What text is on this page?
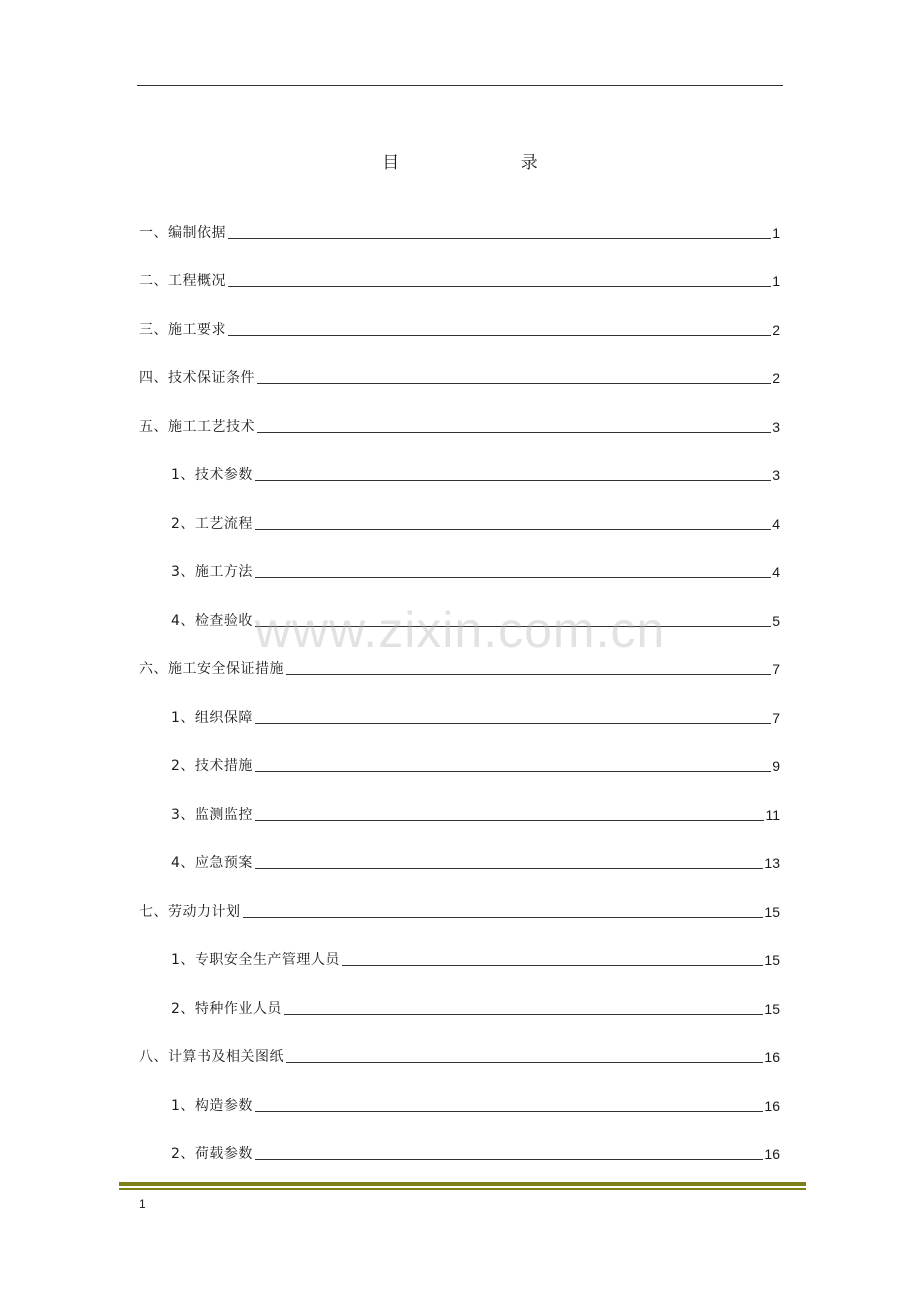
目 录
一、编制依据	1
二、工程概况	1
三、施工要求	2
四、技术保证条件	2
五、施工工艺技术	3
1、技术参数	3
2、工艺流程	4
3、施工方法	4
4、检查验收	5
六、施工安全保证措施	7
1、组织保障	7
2、技术措施	9
3、监测监控	11
4、应急预案	13
七、劳动力计划	15
1、专职安全生产管理人员	15
2、特种作业人员	15
八、计算书及相关图纸	16
1、构造参数	16
2、荷载参数	16
www.zixin.com.cn
1
